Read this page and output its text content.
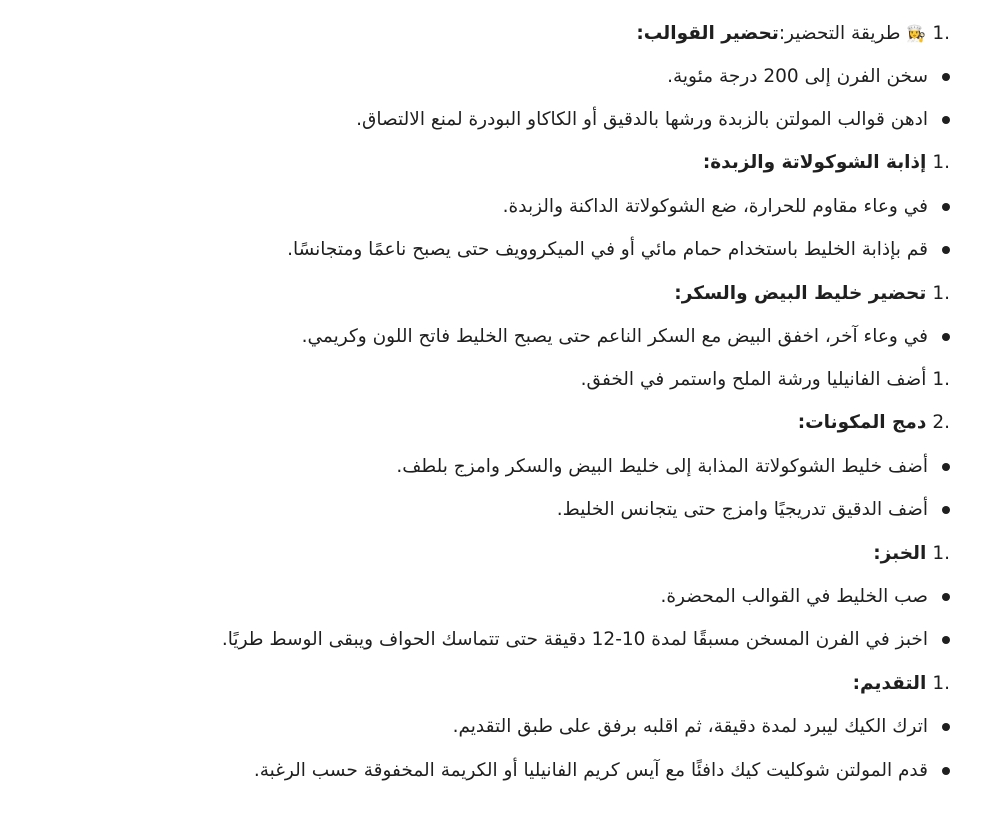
1.👩‍🍳طريقة التحضير:تحضير القوالب:
سخن الفرن إلى 200 درجة مئوية.
ادهن قوالب المولتن بالزبدة ورشها بالدقيق أو الكاكاو البودرة لمنع الالتصاق.
1.إذابة الشوكولاتة والزبدة:
في وعاء مقاوم للحرارة، ضع الشوكولاتة الداكنة والزبدة.
قم بإذابة الخليط باستخدام حمام مائي أو في الميكروويف حتى يصبح ناعمًا ومتجانسًا.
1.تحضير خليط البيض والسكر:
في وعاء آخر، اخفق البيض مع السكر الناعم حتى يصبح الخليط فاتح اللون وكريمي.
1.أضف الفانيليا ورشة الملح واستمر في الخفق.
2.دمج المكونات:
أضف خليط الشوكولاتة المذابة إلى خليط البيض والسكر وامزج بلطف.
أضف الدقيق تدريجيًا وامزج حتى يتجانس الخليط.
1.الخبز:
صب الخليط في القوالب المحضرة.
اخبز في الفرن المسخن مسبقًا لمدة 10-12 دقيقة حتى تتماسك الحواف ويبقى الوسط طريًا.
1.التقديم:
اترك الكيك ليبرد لمدة دقيقة، ثم اقلبه برفق على طبق التقديم.
قدم المولتن شوكليت كيك دافئًا مع آيس كريم الفانيليا أو الكريمة المخفوقة حسب الرغبة.
